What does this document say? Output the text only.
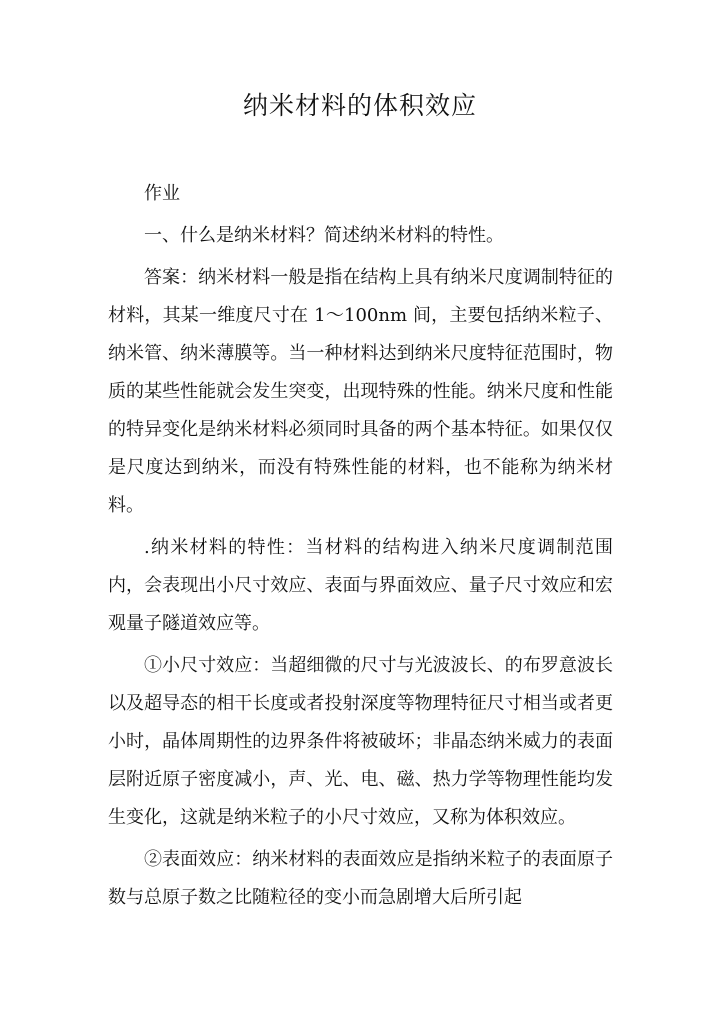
纳米材料的体积效应

作业

一、什么是纳米材料？简述纳米材料的特性。

答案：纳米材料一般是指在结构上具有纳米尺度调制特征的材料，其某一维度尺寸在 1～100nm 间，主要包括纳米粒子、纳米管、纳米薄膜等。当一种材料达到纳米尺度特征范围时，物质的某些性能就会发生突变，出现特殊的性能。纳米尺度和性能的特异变化是纳米材料必须同时具备的两个基本特征。如果仅仅是尺度达到纳米，而没有特殊性能的材料，也不能称为纳米材料。

.纳米材料的特性：当材料的结构进入纳米尺度调制范围内，会表现出小尺寸效应、表面与界面效应、量子尺寸效应和宏观量子隧道效应等。

①小尺寸效应：当超细微的尺寸与光波波长、的布罗意波长以及超导态的相干长度或者投射深度等物理特征尺寸相当或者更小时，晶体周期性的边界条件将被破坏；非晶态纳米威力的表面层附近原子密度减小，声、光、电、磁、热力学等物理性能均发生变化，这就是纳米粒子的小尺寸效应，又称为体积效应。

②表面效应：纳米材料的表面效应是指纳米粒子的表面原子数与总原子数之比随粒径的变小而急剧增大后所引起
